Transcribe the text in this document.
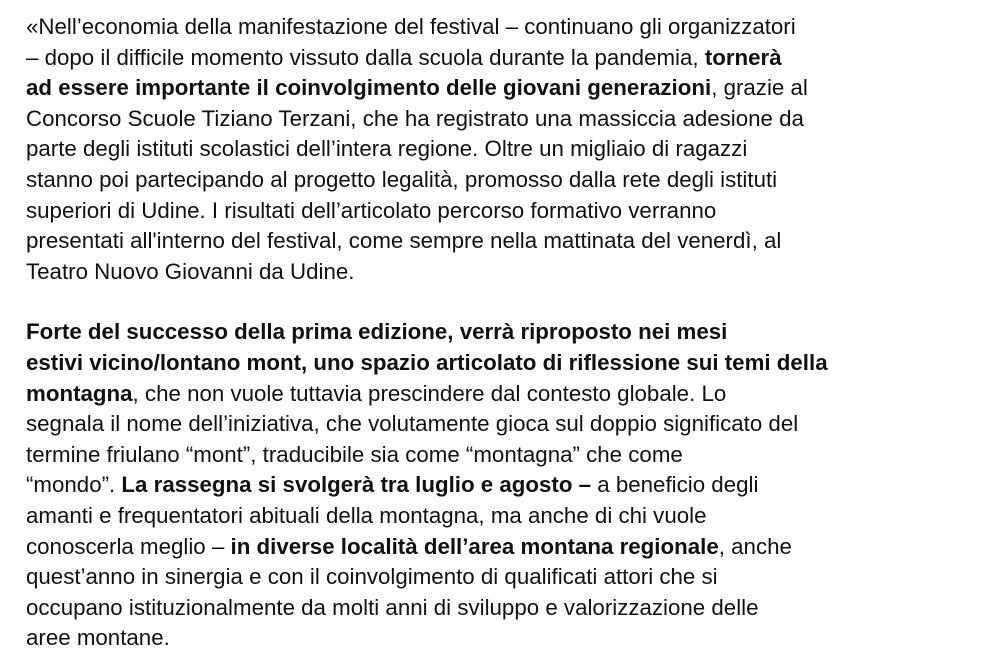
«Nell’economia della manifestazione del festival – continuano gli organizzatori
– dopo il difficile momento vissuto dalla scuola durante la pandemia, tornerà
ad essere importante il coinvolgimento delle giovani generazioni, grazie al
Concorso Scuole Tiziano Terzani, che ha registrato una massiccia adesione da
parte degli istituti scolastici dell’intera regione. Oltre un migliaio di ragazzi
stanno poi partecipando al progetto legalità, promosso dalla rete degli istituti
superiori di Udine. I risultati dell’articolato percorso formativo verranno
presentati all'interno del festival, come sempre nella mattinata del venerdì, al
Teatro Nuovo Giovanni da Udine.

Forte del successo della prima edizione, verrà riproposto nei mesi
estivi vicino/lontano mont, uno spazio articolato di riflessione sui temi della
montagna, che non vuole tuttavia prescindere dal contesto globale. Lo
segnala il nome dell’iniziativa, che volutamente gioca sul doppio significato del
termine friulano “mont”, traducibile sia come “montagna” che come
“mondo”. La rassegna si svolgerà tra luglio e agosto – a beneficio degli
amanti e frequentatori abituali della montagna, ma anche di chi vuole
conoscerla meglio – in diverse località dell’area montana regionale, anche
quest’anno in sinergia e con il coinvolgimento di qualificati attori che si
occupano istituzionalmente da molti anni di sviluppo e valorizzazione delle
aree montane.
